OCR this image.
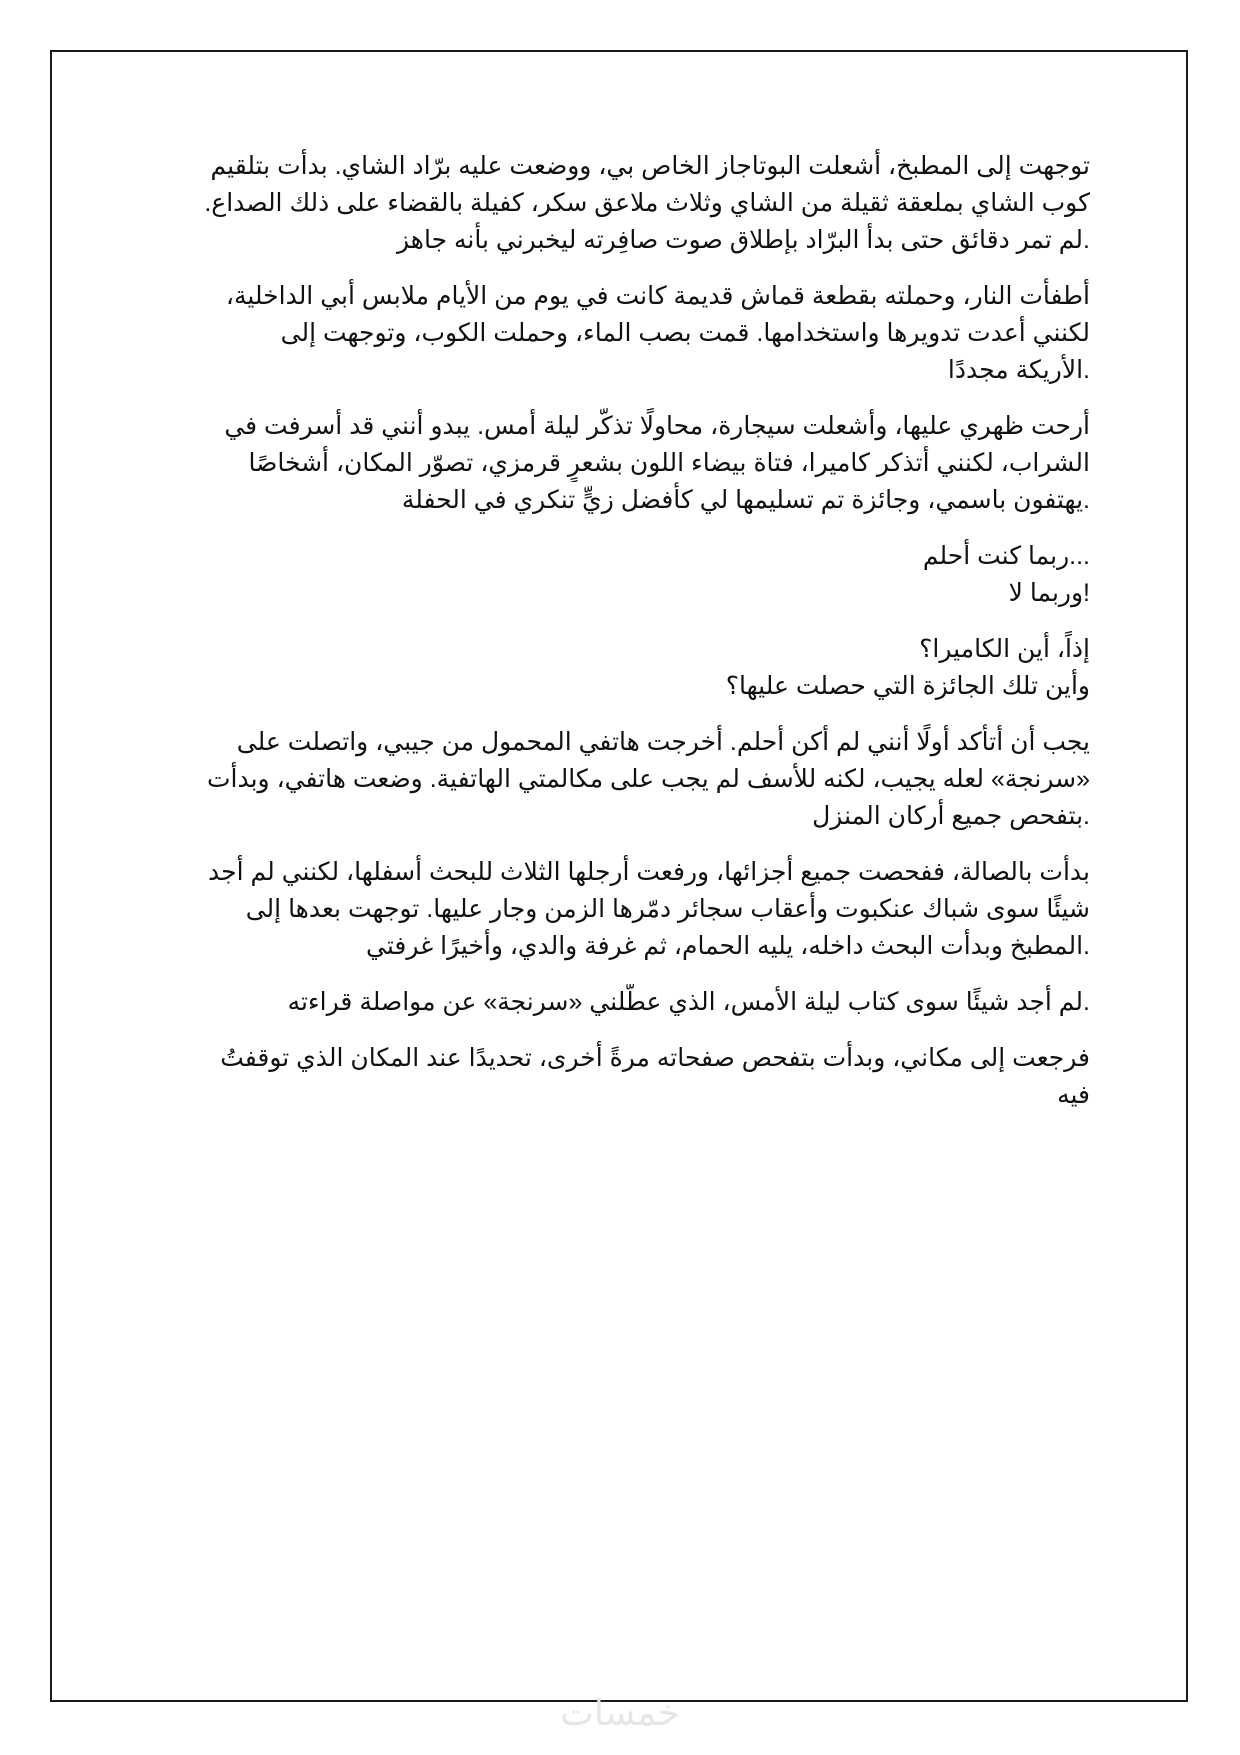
توجهت إلى المطبخ، أشعلت البوتاجاز الخاص بي، ووضعت عليه برّاد الشاي. بدأت بتلقيم
كوب الشاي بملعقة ثقيلة من الشاي وثلاث ملاعق سكر، كفيلة بالقضاء على ذلك الصداع.
.لم تمر دقائق حتى بدأ البرّاد بإطلاق صوت صافِرته ليخبرني بأنه جاهز

أطفأت النار، وحملته بقطعة قماش قديمة كانت في يوم من الأيام ملابس أبي الداخلية،
لكنني أعدت تدويرها واستخدامها. قمت بصب الماء، وحملت الكوب، وتوجهت إلى
.الأريكة مجددًا

أرحت ظهري عليها، وأشعلت سيجارة، محاولًا تذكّر ليلة أمس. يبدو أنني قد أسرفت في
الشراب، لكنني أتذكر كاميرا، فتاة بيضاء اللون بشعرٍ قرمزي، تصوّر المكان، أشخاصًا
.يهتفون باسمي، وجائزة تم تسليمها لي كأفضل زيٍّ تنكري في الحفلة

...ربما كنت أحلم
!وربما لا

إذاً، أين الكاميرا؟
وأين تلك الجائزة التي حصلت عليها؟

يجب أن أتأكد أولًا أنني لم أكن أحلم. أخرجت هاتفي المحمول من جيبي، واتصلت على
«سرنجة» لعله يجيب، لكنه للأسف لم يجب على مكالمتي الهاتفية. وضعت هاتفي، وبدأت
.بتفحص جميع أركان المنزل

بدأت بالصالة، ففحصت جميع أجزائها، ورفعت أرجلها الثلاث للبحث أسفلها، لكنني لم أجد
شيئًا سوى شباك عنكبوت وأعقاب سجائر دمّرها الزمن وجار عليها. توجهت بعدها إلى
.المطبخ وبدأت البحث داخله، يليه الحمام، ثم غرفة والدي، وأخيرًا غرفتي

.لم أجد شيئًا سوى كتاب ليلة الأمس، الذي عطّلني «سرنجة» عن مواصلة قراءته

فرجعت إلى مكاني، وبدأت بتفحص صفحاته مرةً أخرى، تحديدًا عند المكان الذي توقفتُ
فيه

خمسات
